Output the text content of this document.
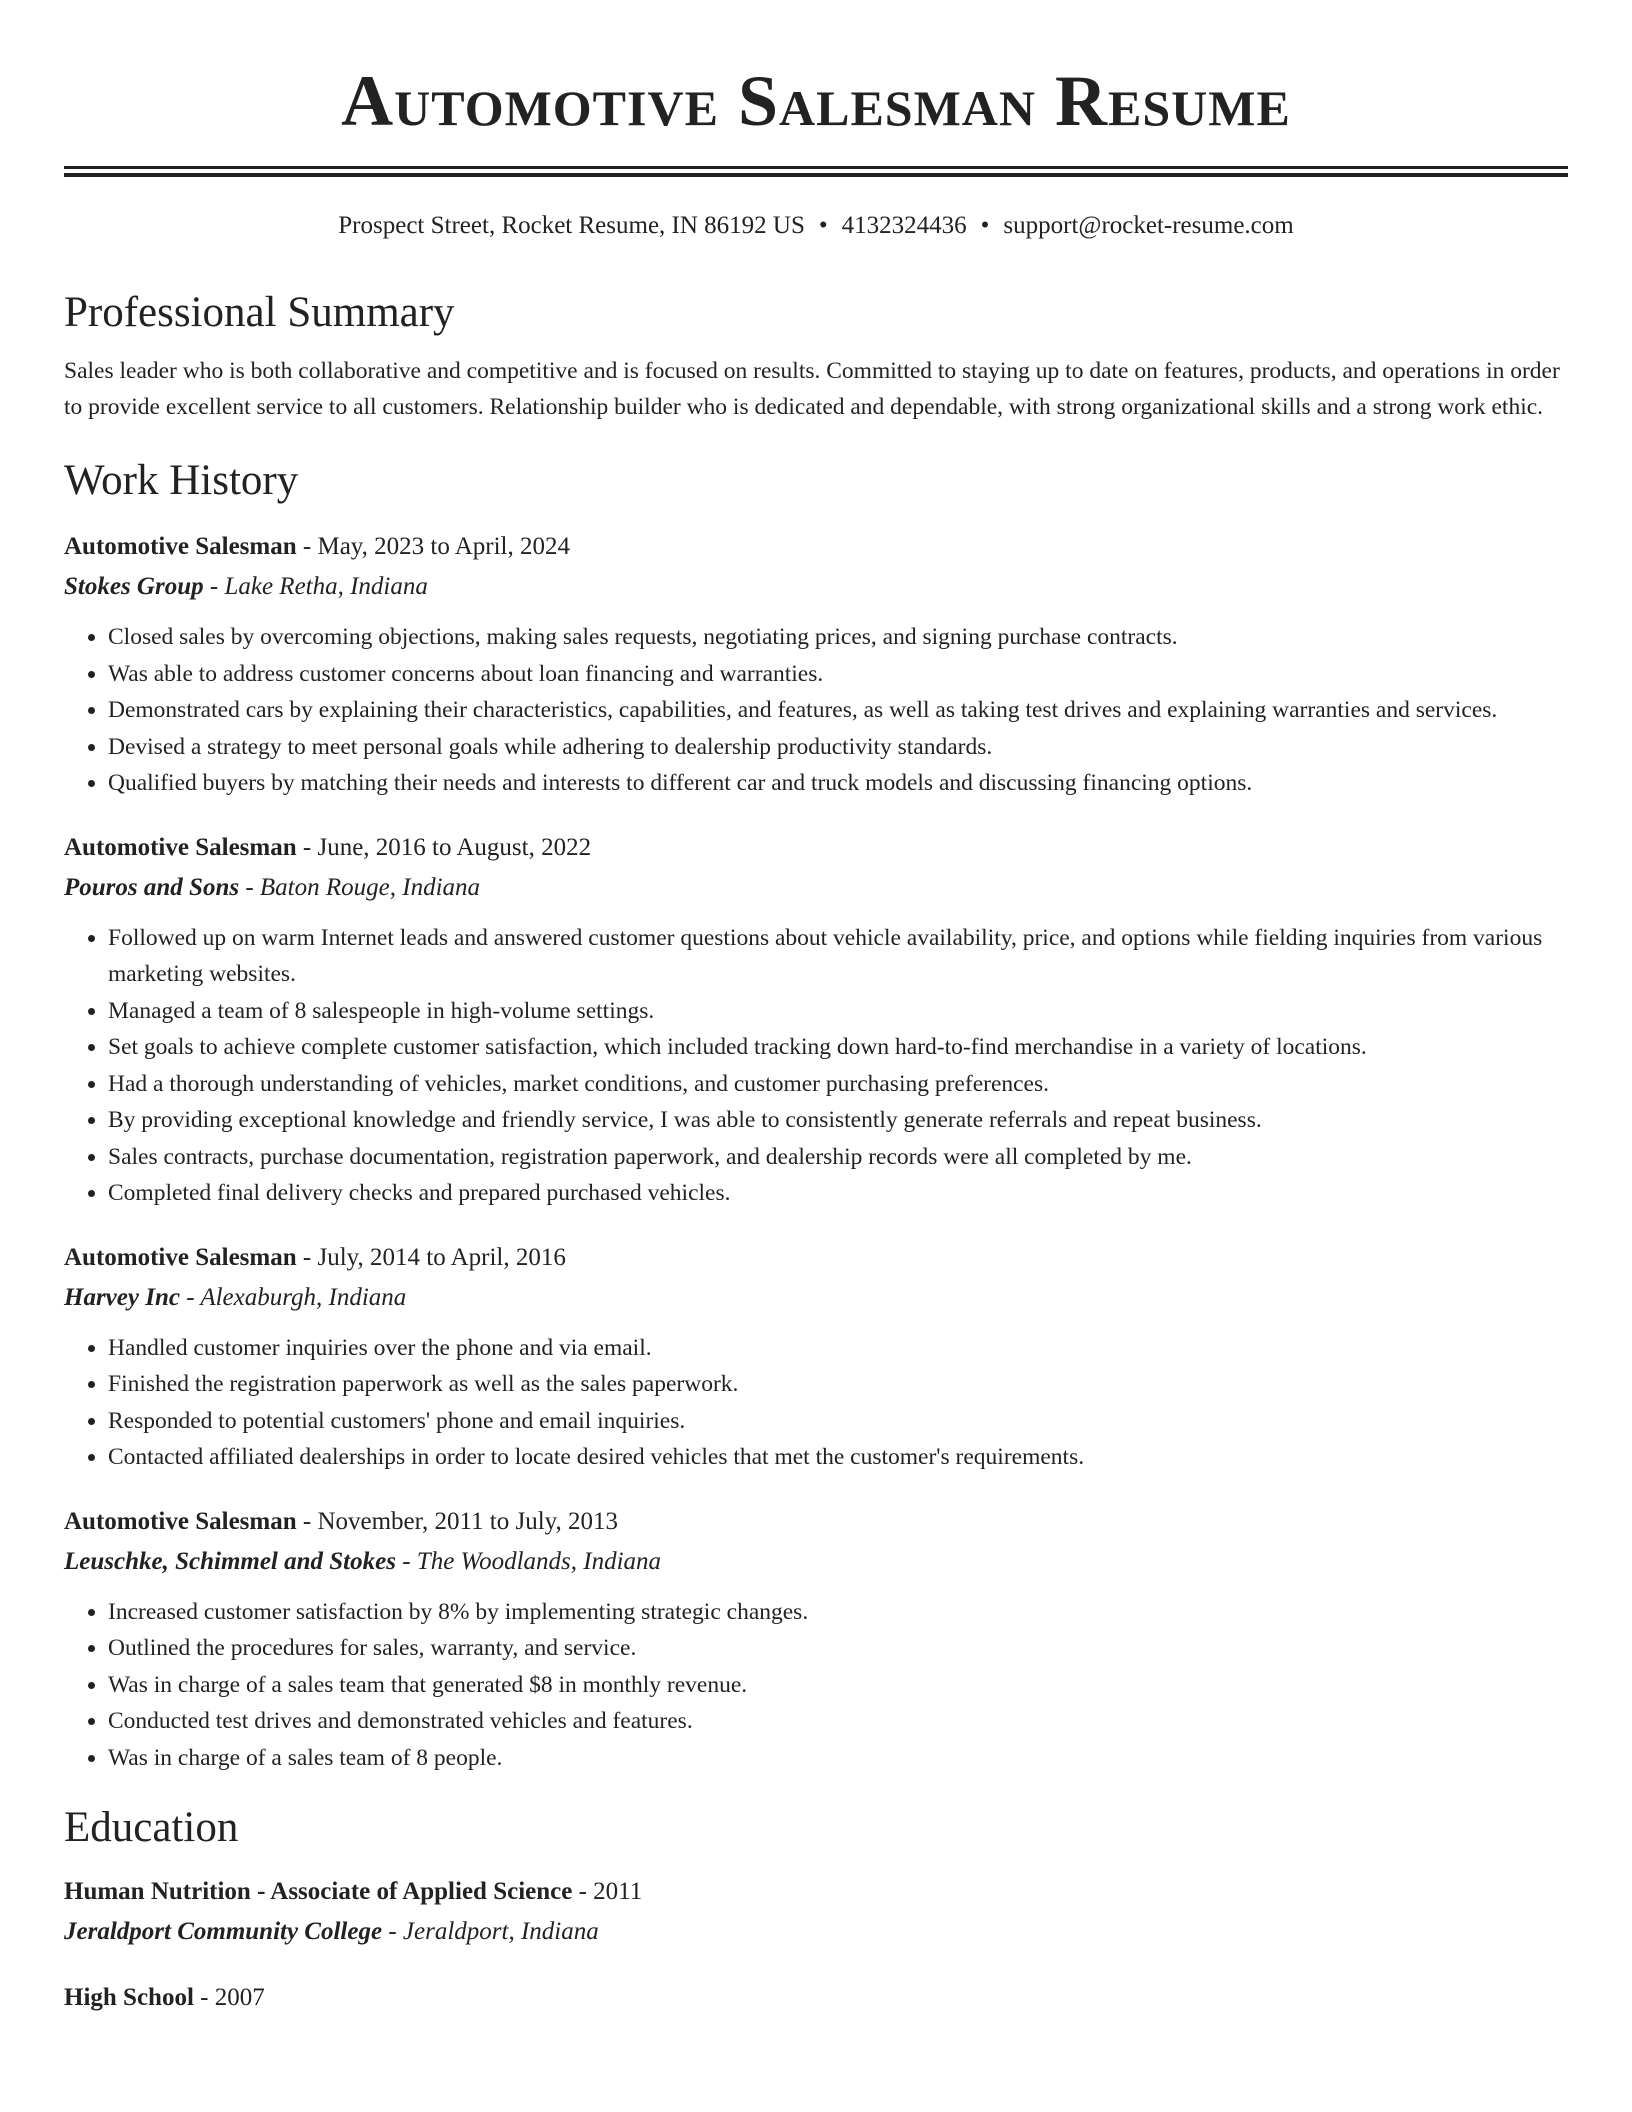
Automotive Salesman Resume
Prospect Street, Rocket Resume, IN 86192 US • 4132324436 • support@rocket-resume.com
Professional Summary

Sales leader who is both collaborative and competitive and is focused on results. Committed to staying up to date on features, products, and operations in order to provide excellent service to all customers. Relationship builder who is dedicated and dependable, with strong organizational skills and a strong work ethic.

Work History

Automotive Salesman - May, 2023 to April, 2024

Stokes Group - Lake Retha, Indiana

• Closed sales by overcoming objections, making sales requests, negotiating prices, and signing purchase contracts.
• Was able to address customer concerns about loan financing and warranties.
• Demonstrated cars by explaining their characteristics, capabilities, and features, as well as taking test drives and explaining warranties and services.
• Devised a strategy to meet personal goals while adhering to dealership productivity standards.
• Qualified buyers by matching their needs and interests to different car and truck models and discussing financing options.

Automotive Salesman - June, 2016 to August, 2022

Pouros and Sons - Baton Rouge, Indiana

• Followed up on warm Internet leads and answered customer questions about vehicle availability, price, and options while fielding inquiries from various marketing websites.
• Managed a team of 8 salespeople in high-volume settings.
• Set goals to achieve complete customer satisfaction, which included tracking down hard-to-find merchandise in a variety of locations.
• Had a thorough understanding of vehicles, market conditions, and customer purchasing preferences.
• By providing exceptional knowledge and friendly service, I was able to consistently generate referrals and repeat business.
• Sales contracts, purchase documentation, registration paperwork, and dealership records were all completed by me.
• Completed final delivery checks and prepared purchased vehicles.

Automotive Salesman - July, 2014 to April, 2016

Harvey Inc - Alexaburgh, Indiana

• Handled customer inquiries over the phone and via email.
• Finished the registration paperwork as well as the sales paperwork.
• Responded to potential customers' phone and email inquiries.
• Contacted affiliated dealerships in order to locate desired vehicles that met the customer's requirements.

Automotive Salesman - November, 2011 to July, 2013

Leuschke, Schimmel and Stokes - The Woodlands, Indiana

• Increased customer satisfaction by 8% by implementing strategic changes.
• Outlined the procedures for sales, warranty, and service.
• Was in charge of a sales team that generated $8 in monthly revenue.
• Conducted test drives and demonstrated vehicles and features.
• Was in charge of a sales team of 8 people.
Education

Human Nutrition - Associate of Applied Science - 2011

Jeraldport Community College - Jeraldport, Indiana

High School - 2007
